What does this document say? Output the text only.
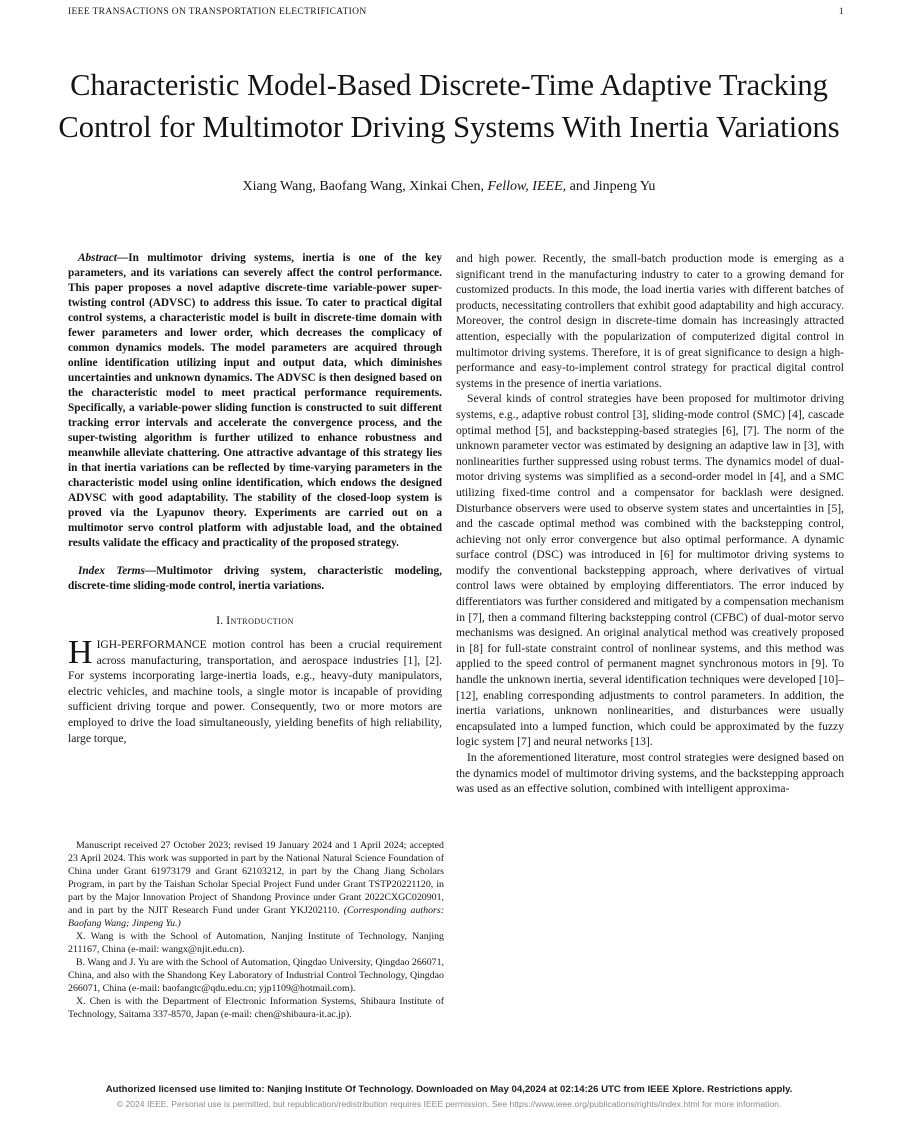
IEEE TRANSACTIONS ON TRANSPORTATION ELECTRIFICATION	1
Characteristic Model-Based Discrete-Time Adaptive Tracking Control for Multimotor Driving Systems With Inertia Variations
Xiang Wang, Baofang Wang, Xinkai Chen, Fellow, IEEE, and Jinpeng Yu

Abstract—In multimotor driving systems, inertia is one of the key parameters, and its variations can severely affect the control performance. This paper proposes a novel adaptive discrete-time variable-power super-twisting control (ADVSC) to address this issue. To cater to practical digital control systems, a characteristic model is built in discrete-time domain with fewer parameters and lower order, which decreases the complicacy of common dynamics models. The model parameters are acquired through online identification utilizing input and output data, which diminishes uncertainties and unknown dynamics. The ADVSC is then designed based on the characteristic model to meet practical performance requirements. Specifically, a variable-power sliding function is constructed to suit different tracking error intervals and accelerate the convergence process, and the super-twisting algorithm is further utilized to enhance robustness and meanwhile alleviate chattering. One attractive advantage of this strategy lies in that inertia variations can be reflected by time-varying parameters in the characteristic model using online identification, which endows the designed ADVSC with good adaptability. The stability of the closed-loop system is proved via the Lyapunov theory. Experiments are carried out on a multimotor servo control platform with adjustable load, and the obtained results validate the efficacy and practicality of the proposed strategy.

Index Terms—Multimotor driving system, characteristic modeling, discrete-time sliding-mode control, inertia variations.

I. Introduction

HIGH-PERFORMANCE motion control has been a crucial requirement across manufacturing, transportation, and aerospace industries [1], [2]. For systems incorporating large-inertia loads, e.g., heavy-duty manipulators, electric vehicles, and machine tools, a single motor is incapable of providing sufficient driving torque and power. Consequently, two or more motors are employed to drive the load simultaneously, yielding benefits of high reliability, large torque,

Manuscript received 27 October 2023; revised 19 January 2024 and 1 April 2024; accepted 23 April 2024. This work was supported in part by the National Natural Science Foundation of China under Grant 61973179 and Grant 62103212, in part by the Chang Jiang Scholars Program, in part by the Taishan Scholar Special Project Fund under Grant TSTP20221120, in part by the Major Innovation Project of Shandong Province under Grant 2022CXGC020901, and in part by the NJIT Research Fund under Grant YKJ202110. (Corresponding authors: Baofang Wang; Jinpeng Yu.)

X. Wang is with the School of Automation, Nanjing Institute of Technology, Nanjing 211167, China (e-mail: wangx@njit.edu.cn).

B. Wang and J. Yu are with the School of Automation, Qingdao University, Qingdao 266071, China, and also with the Shandong Key Laboratory of Industrial Control Technology, Qingdao 266071, China (e-mail: baofangtc@qdu.edu.cn; yjp1109@hotmail.com).

X. Chen is with the Department of Electronic Information Systems, Shibaura Institute of Technology, Saitama 337-8570, Japan (e-mail: chen@shibaura-it.ac.jp).

and high power. Recently, the small-batch production mode is emerging as a significant trend in the manufacturing industry to cater to a growing demand for customized products. In this mode, the load inertia varies with different batches of products, necessitating controllers that exhibit good adaptability and high accuracy. Moreover, the control design in discrete-time domain has increasingly attracted attention, especially with the popularization of computerized digital control in multimotor driving systems. Therefore, it is of great significance to design a high-performance and easy-to-implement control strategy for practical digital control systems in the presence of inertia variations.

Several kinds of control strategies have been proposed for multimotor driving systems, e.g., adaptive robust control [3], sliding-mode control (SMC) [4], cascade optimal method [5], and backstepping-based strategies [6], [7]. The norm of the unknown parameter vector was estimated by designing an adaptive law in [3], with nonlinearities further suppressed using robust terms. The dynamics model of dual-motor driving systems was simplified as a second-order model in [4], and a SMC utilizing fixed-time control and a compensator for backlash were designed. Disturbance observers were used to observe system states and uncertainties in [5], and the cascade optimal method was combined with the backstepping control, achieving not only error convergence but also optimal performance. A dynamic surface control (DSC) was introduced in [6] for multimotor driving systems to modify the conventional backstepping approach, where derivatives of virtual control laws were obtained by employing differentiators. The error induced by differentiators was further considered and mitigated by a compensation mechanism in [7], then a command filtering backstepping control (CFBC) of dual-motor servo mechanisms was designed. An original analytical method was creatively proposed in [8] for full-state constraint control of nonlinear systems, and this method was applied to the speed control of permanent magnet synchronous motors in [9]. To handle the unknown inertia, several identification techniques were developed [10]–[12], enabling corresponding adjustments to control parameters. In addition, the inertia variations, unknown nonlinearities, and disturbances were usually encapsulated into a lumped function, which could be approximated by the fuzzy logic system [7] and neural networks [13].

In the aforementioned literature, most control strategies were designed based on the dynamics model of multimotor driving systems, and the backstepping approach was used as an effective solution, combined with intelligent approxima-

Authorized licensed use limited to: Nanjing Institute Of Technology. Downloaded on May 04,2024 at 02:14:26 UTC from IEEE Xplore. Restrictions apply.
© 2024 IEEE. Personal use is permitted, but republication/redistribution requires IEEE permission. See https://www.ieee.org/publications/rights/index.html for more information.
